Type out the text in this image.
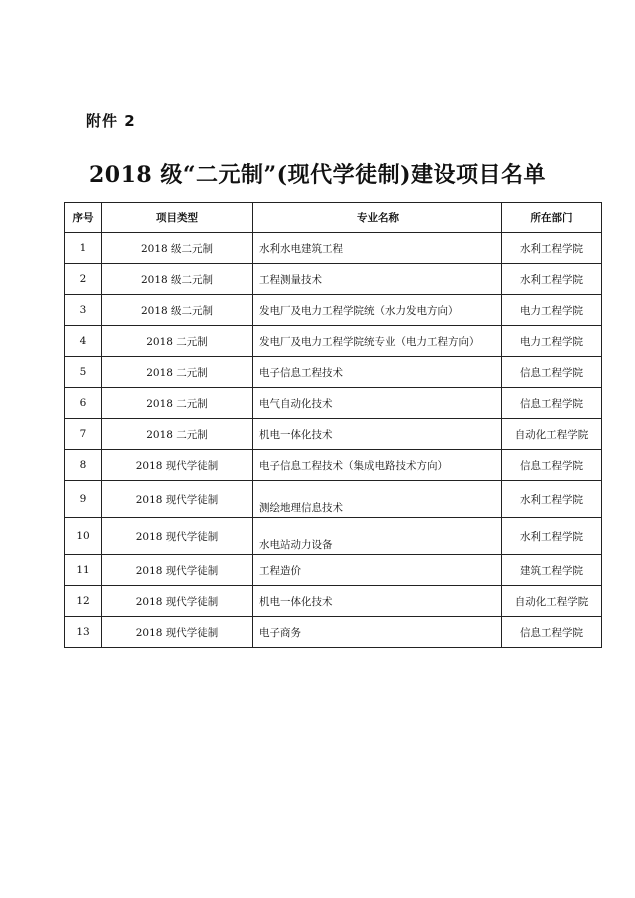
附件 2
2018 级“二元制”(现代学徒制)建设项目名单
序号	项目类型	专业名称	所在部门
1	2018 级二元制	水利水电建筑工程	水利工程学院
2	2018 级二元制	工程测量技术	水利工程学院
3	2018 级二元制	发电厂及电力工程学院统（水力发电方向）	电力工程学院
4	2018 二元制	发电厂及电力工程学院统专业（电力工程方向）	电力工程学院
5	2018 二元制	电子信息工程技术	信息工程学院
6	2018 二元制	电气自动化技术	信息工程学院
7	2018 二元制	机电一体化技术	自动化工程学院
8	2018 现代学徒制	电子信息工程技术（集成电路技术方向）	信息工程学院
9	2018 现代学徒制	测绘地理信息技术	水利工程学院
10	2018 现代学徒制	水电站动力设备	水利工程学院
11	2018 现代学徒制	工程造价	建筑工程学院
12	2018 现代学徒制	机电一体化技术	自动化工程学院
13	2018 现代学徒制	电子商务	信息工程学院
